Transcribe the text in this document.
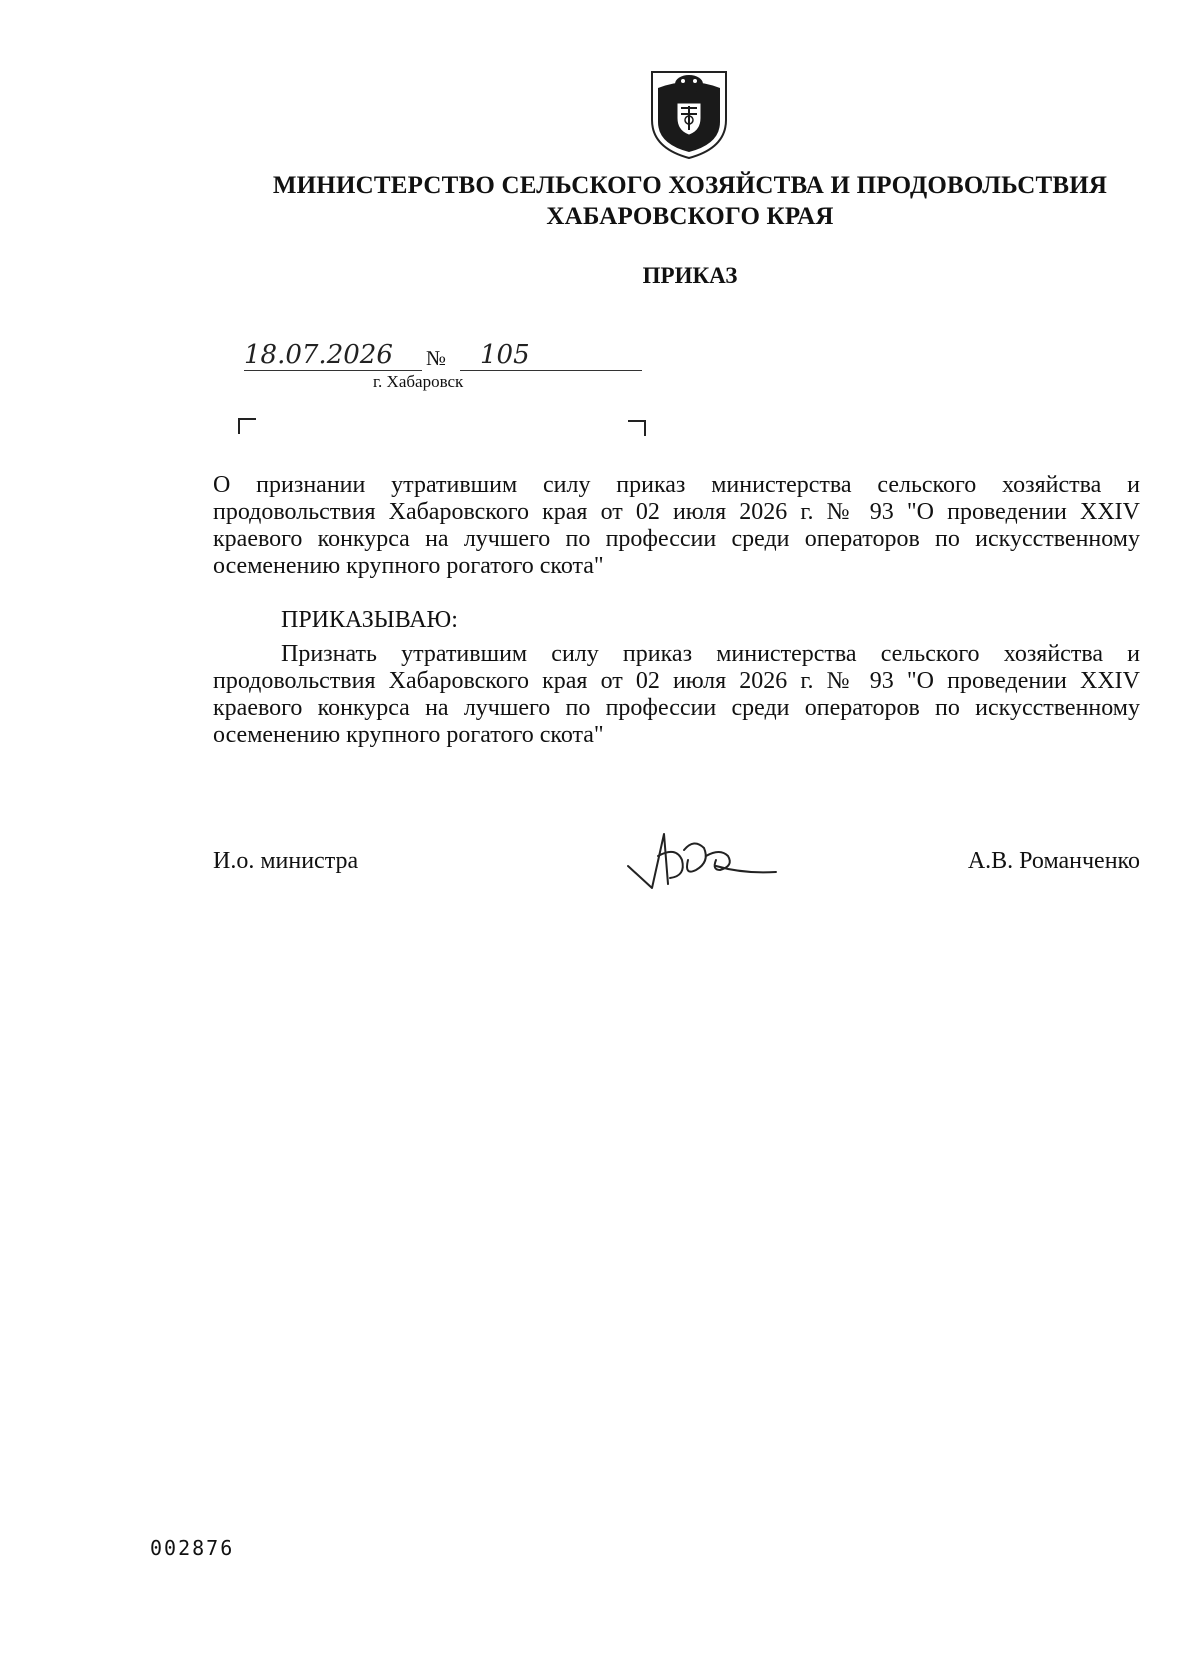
МИНИСТЕРСТВО СЕЛЬСКОГО ХОЗЯЙСТВА И ПРОДОВОЛЬСТВИЯ
ХАБАРОВСКОГО КРАЯ
ПРИКАЗ
18.07.2026	№	105
г. Хабаровск
О признании утратившим силу приказ министерства сельского хозяйства и продовольствия Хабаровского края от 02 июля 2026 г. № 93 "О проведении XXIV краевого конкурса на лучшего по профессии среди операторов по искусственному осеменению крупного рогатого скота"
ПРИКАЗЫВАЮ:
Признать утратившим силу приказ министерства сельского хозяйства и продовольствия Хабаровского края от 02 июля 2026 г. № 93 "О проведении XXIV краевого конкурса на лучшего по профессии среди операторов по искусственному осеменению крупного рогатого скота"
И.о. министра	А.В. Романченко
002876
